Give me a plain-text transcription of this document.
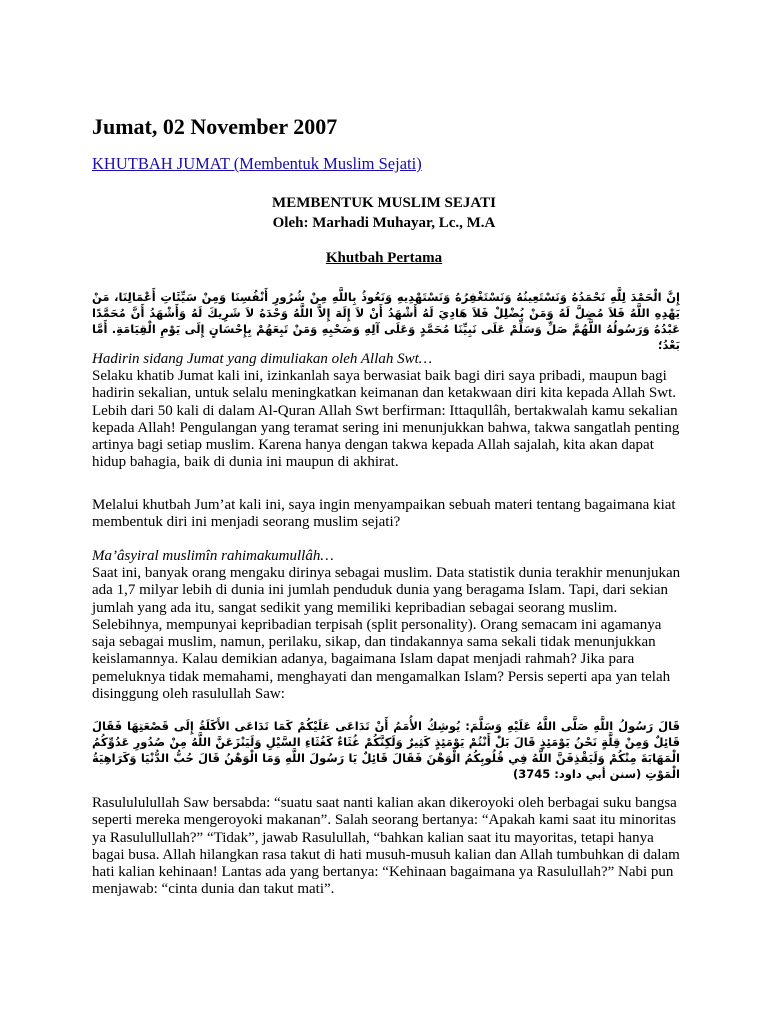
Jumat, 02 November 2007
KHUTBAH JUMAT (Membentuk Muslim Sejati)
MEMBENTUK MUSLIM SEJATI
Oleh: Marhadi Muhayar, Lc., M.A
Khutbah Pertama

إِنَّ الْحَمْدَ لِلَّهِ نَحْمَدُهُ وَنَسْتَعِينُهُ وَنَسْتَغْفِرُهُ وَنَسْتَهْدِيهِ وَنَعُوذُ بِاللَّهِ مِنْ شُرُورِ أَنْفُسِنَا وَمِنْ سَيِّئَاتِ أَعْمَالِنَا، مَنْ يَهْدِهِ اللَّهُ فَلاَ مُضِلَّ لَهُ وَمَنْ يُضْلِلْ فَلاَ هَادِيَ لَهُ أَشْهَدُ أَنْ لاَ إِلَهَ إِلاَّ اللَّهُ وَحْدَهُ لاَ شَرِيكَ لَهُ وَأَشْهَدُ أَنَّ مُحَمَّدًا عَبْدُهُ وَرَسُولُهُ اللَّهُمَّ صَلِّ وَسَلِّمْ عَلَى نَبِيِّنَا مُحَمَّدٍ وَعَلَى آلِهِ وَصَحْبِهِ وَمَنْ تَبِعَهُمْ بِإِحْسَانٍ إِلَى يَوْمِ الْقِيَامَةِ. أَمَّا بَعْدُ؛

Hadirin sidang Jumat yang dimuliakan oleh Allah Swt…

Selaku khatib Jumat kali ini, izinkanlah saya berwasiat baik bagi diri saya pribadi, maupun bagi hadirin sekalian, untuk selalu meningkatkan keimanan dan ketakwaan diri kita kepada Allah Swt. Lebih dari 50 kali di dalam Al-Quran Allah Swt berfirman: Ittaqullâh, bertakwalah kamu sekalian kepada Allah! Pengulangan yang teramat sering ini menunjukkan bahwa, takwa sangatlah penting artinya bagi setiap muslim. Karena hanya dengan takwa kepada Allah sajalah, kita akan dapat hidup bahagia, baik di dunia ini maupun di akhirat.

Melalui khutbah Jum’at kali ini, saya ingin menyampaikan sebuah materi tentang bagaimana kiat membentuk diri ini menjadi seorang muslim sejati?

Ma’âsyiral muslimîn rahimakumullâh…

Saat ini, banyak orang mengaku dirinya sebagai muslim. Data statistik dunia terakhir menunjukan ada 1,7 milyar lebih di dunia ini jumlah penduduk dunia yang beragama Islam. Tapi, dari sekian jumlah yang ada itu, sangat sedikit yang memiliki kepribadian sebagai seorang muslim. Selebihnya, mempunyai kepribadian terpisah (split personality). Orang semacam ini agamanya saja sebagai muslim, namun, perilaku, sikap, dan tindakannya sama sekali tidak menunjukkan keislamannya. Kalau demikian adanya, bagaimana Islam dapat menjadi rahmah? Jika para pemeluknya tidak memahami, menghayati dan mengamalkan Islam? Persis seperti apa yan telah disinggung oleh rasulullah Saw:

قَالَ رَسُولُ اللَّهِ صَلَّى اللَّهُ عَلَيْهِ وَسَلَّمَ: يُوشِكُ الأُمَمُ أَنْ تَدَاعَى عَلَيْكُمْ كَمَا تَدَاعَى الأَكَلَةُ إِلَى قَصْعَتِهَا فَقَالَ قَائِلٌ وَمِنْ قِلَّةٍ نَحْنُ يَوْمَئِذٍ قَالَ بَلْ أَنْتُمْ يَوْمَئِذٍ كَثِيرٌ وَلَكِنَّكُمْ غُثَاءٌ كَغُثَاءِ السَّيْلِ وَلَيَنْزَعَنَّ اللَّهُ مِنْ صُدُورِ عَدُوِّكُمُ الْمَهَابَةَ مِنْكُمْ وَلَيَقْذِفَنَّ اللَّهُ فِي قُلُوبِكُمُ الْوَهْنَ فَقَالَ قَائِلٌ يَا رَسُولَ اللَّهِ وَمَا الْوَهْنُ قَالَ حُبُّ الدُّنْيَا وَكَرَاهِيَةُ الْمَوْتِ (سنن أبي داود: 3745)

Rasulululullah Saw bersabda: “suatu saat nanti kalian akan dikeroyoki oleh berbagai suku bangsa seperti mereka mengeroyoki makanan”. Salah seorang bertanya: “Apakah kami saat itu minoritas ya Rasulullullah?” “Tidak”, jawab Rasulullah, “bahkan kalian saat itu mayoritas, tetapi hanya bagai busa. Allah hilangkan rasa takut di hati musuh-musuh kalian dan Allah tumbuhkan di dalam hati kalian kehinaan! Lantas ada yang bertanya: “Kehinaan bagaimana ya Rasulullah?” Nabi pun menjawab: “cinta dunia dan takut mati”.
